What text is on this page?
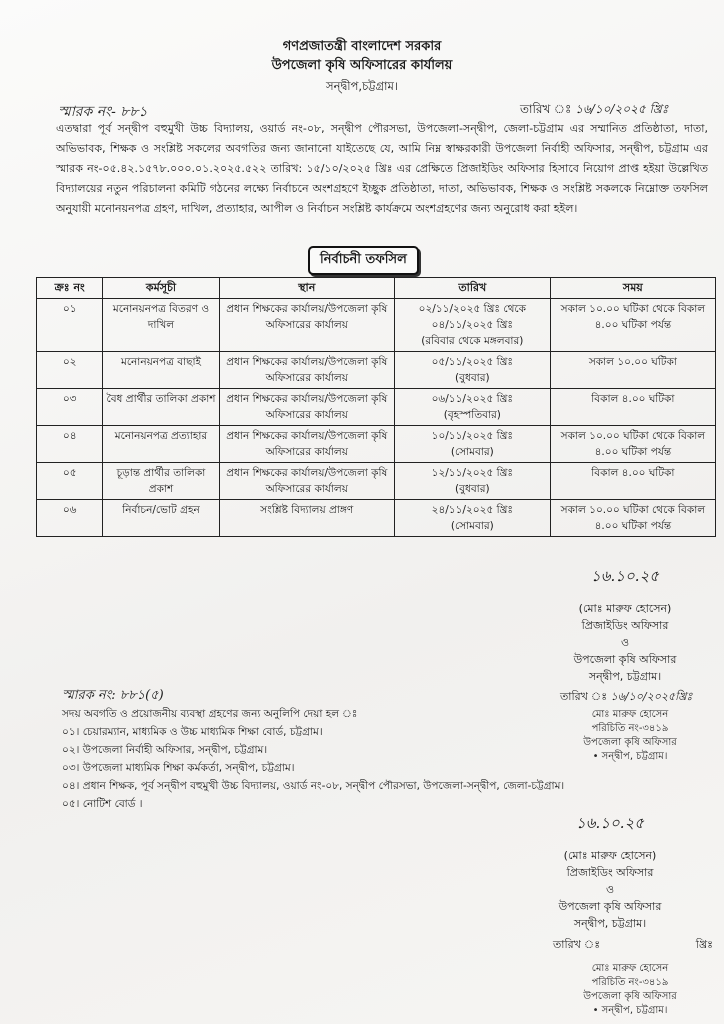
গণপ্রজাতন্ত্রী বাংলাদেশ সরকার
উপজেলা কৃষি অফিসারের কার্যালয়
সন্দ্বীপ,চট্টগ্রাম।
স্মারক নং- ৮৮১	তারিখ ঃ ১৬/১০/২০২৫ খ্রিঃ
এতদ্বারা পূর্ব সন্দ্বীপ বহুমুখী উচ্চ বিদ্যালয়, ওয়ার্ড নং-০৮, সন্দ্বীপ পৌরসভা, উপজেলা-সন্দ্বীপ, জেলা-চট্টগ্রাম এর সম্মানিত প্রতিষ্ঠাতা, দাতা, অভিভাবক, শিক্ষক ও সংশ্লিষ্ট সকলের অবগতির জন্য জানানো যাইতেছে যে, আমি নিম্ন স্বাক্ষরকারী উপজেলা নির্বাহী অফিসার, সন্দ্বীপ, চট্টগ্রাম এর স্মারক নং-০৫.৪২.১৫৭৮.০০০.০১.২০২৫.৫২২ তারিখ: ১৫/১০/২০২৫ খ্রিঃ এর প্রেক্ষিতে প্রিজাইডিং অফিসার হিসাবে নিয়োগ প্রাপ্ত হইয়া উল্লেখিত বিদ্যালয়ের নতুন পরিচালনা কমিটি গঠনের লক্ষ্যে নির্বাচনে অংশগ্রহণে ইচ্ছুক প্রতিষ্ঠাতা, দাতা, অভিভাবক, শিক্ষক ও সংশ্লিষ্ট সকলকে নিম্নোক্ত তফসিল অনুযায়ী মনোনয়নপত্র গ্রহণ, দাখিল, প্রত্যাহার, আপীল ও নির্বাচন সংশ্লিষ্ট কার্যক্রমে অংশগ্রহণের জন্য অনুরোধ করা হইল।
নির্বাচনী তফসিল
ক্রঃ নং	কর্মসূচী	স্থান	তারিখ	সময়
০১	মনোনয়নপত্র বিতরণ ও দাখিল	প্রধান শিক্ষকের কার্যালয়/উপজেলা কৃষি অফিসারের কার্যালয়	০২/১১/২০২৫ খ্রিঃ থেকে ০৪/১১/২০২৫ খ্রিঃ
(রবিবার থেকে মঙ্গলবার)	সকাল ১০.০০ ঘটিকা থেকে বিকাল ৪.০০ ঘটিকা পর্যন্ত
০২	মনোনয়নপত্র বাছাই	প্রধান শিক্ষকের কার্যালয়/উপজেলা কৃষি অফিসারের কার্যালয়	০৫/১১/২০২৫ খ্রিঃ
(বুধবার)	সকাল ১০.০০ ঘটিকা
০৩	বৈধ প্রার্থীর তালিকা প্রকাশ	প্রধান শিক্ষকের কার্যালয়/উপজেলা কৃষি অফিসারের কার্যালয়	০৬/১১/২০২৫ খ্রিঃ
(বৃহস্পতিবার)	বিকাল ৪.০০ ঘটিকা
০৪	মনোনয়নপত্র প্রত্যাহার	প্রধান শিক্ষকের কার্যালয়/উপজেলা কৃষি অফিসারের কার্যালয়	১০/১১/২০২৫ খ্রিঃ
(সোমবার)	সকাল ১০.০০ ঘটিকা থেকে বিকাল ৪.০০ ঘটিকা পর্যন্ত
০৫	চূড়ান্ত প্রার্থীর তালিকা প্রকাশ	প্রধান শিক্ষকের কার্যালয়/উপজেলা কৃষি অফিসারের কার্যালয়	১২/১১/২০২৫ খ্রিঃ
(বুধবার)	বিকাল ৪.০০ ঘটিকা
০৬	নির্বাচন/ভোট গ্রহন	সংশ্লিষ্ট বিদ্যালয় প্রাঙ্গণ	২৪/১১/২০২৫ খ্রিঃ
(সোমবার)	সকাল ১০.০০ ঘটিকা থেকে বিকাল ৪.০০ ঘটিকা পর্যন্ত
১৬.১০.২৫
(মোঃ মারুফ হোসেন)
প্রিজাইডিং অফিসার
ও
উপজেলা কৃষি অফিসার
সন্দ্বীপ, চট্টগ্রাম।
তারিখ ঃ ১৬/১০/২০২৫খ্রিঃ
মোঃ মারুফ হোসেন
পরিচিতি নং-৩৪১৯
উপজেলা কৃষি অফিসার
• সন্দ্বীপ, চট্টগ্রাম।
স্মারক নং: ৮৮১(৫)
সদয় অবগতি ও প্রয়োজনীয় ব্যবস্থা গ্রহণের জন্য অনুলিপি দেয়া হল ঃ
০১। চেয়ারম্যান, মাধ্যমিক ও উচ্চ মাধ্যমিক শিক্ষা বোর্ড, চট্টগ্রাম।
০২। উপজেলা নির্বাহী অফিসার, সন্দ্বীপ, চট্টগ্রাম।
০৩। উপজেলা মাধ্যমিক শিক্ষা কর্মকর্তা, সন্দ্বীপ, চট্টগ্রাম।
০৪। প্রধান শিক্ষক, পূর্ব সন্দ্বীপ বহুমুখী উচ্চ বিদ্যালয়, ওয়ার্ড নং-০৮, সন্দ্বীপ পৌরসভা, উপজেলা-সন্দ্বীপ, জেলা-চট্টগ্রাম।
০৫। নোটিশ বোর্ড ।
১৬.১০.২৫
(মোঃ মারুফ হোসেন)
প্রিজাইডিং অফিসার
ও
উপজেলা কৃষি অফিসার
সন্দ্বীপ, চট্টগ্রাম।
তারিখ ঃ	খ্রিঃ
মোঃ মারুফ হোসেন
পরিচিতি নং-৩৪১৯
উপজেলা কৃষি অফিসার
• সন্দ্বীপ, চট্টগ্রাম।
